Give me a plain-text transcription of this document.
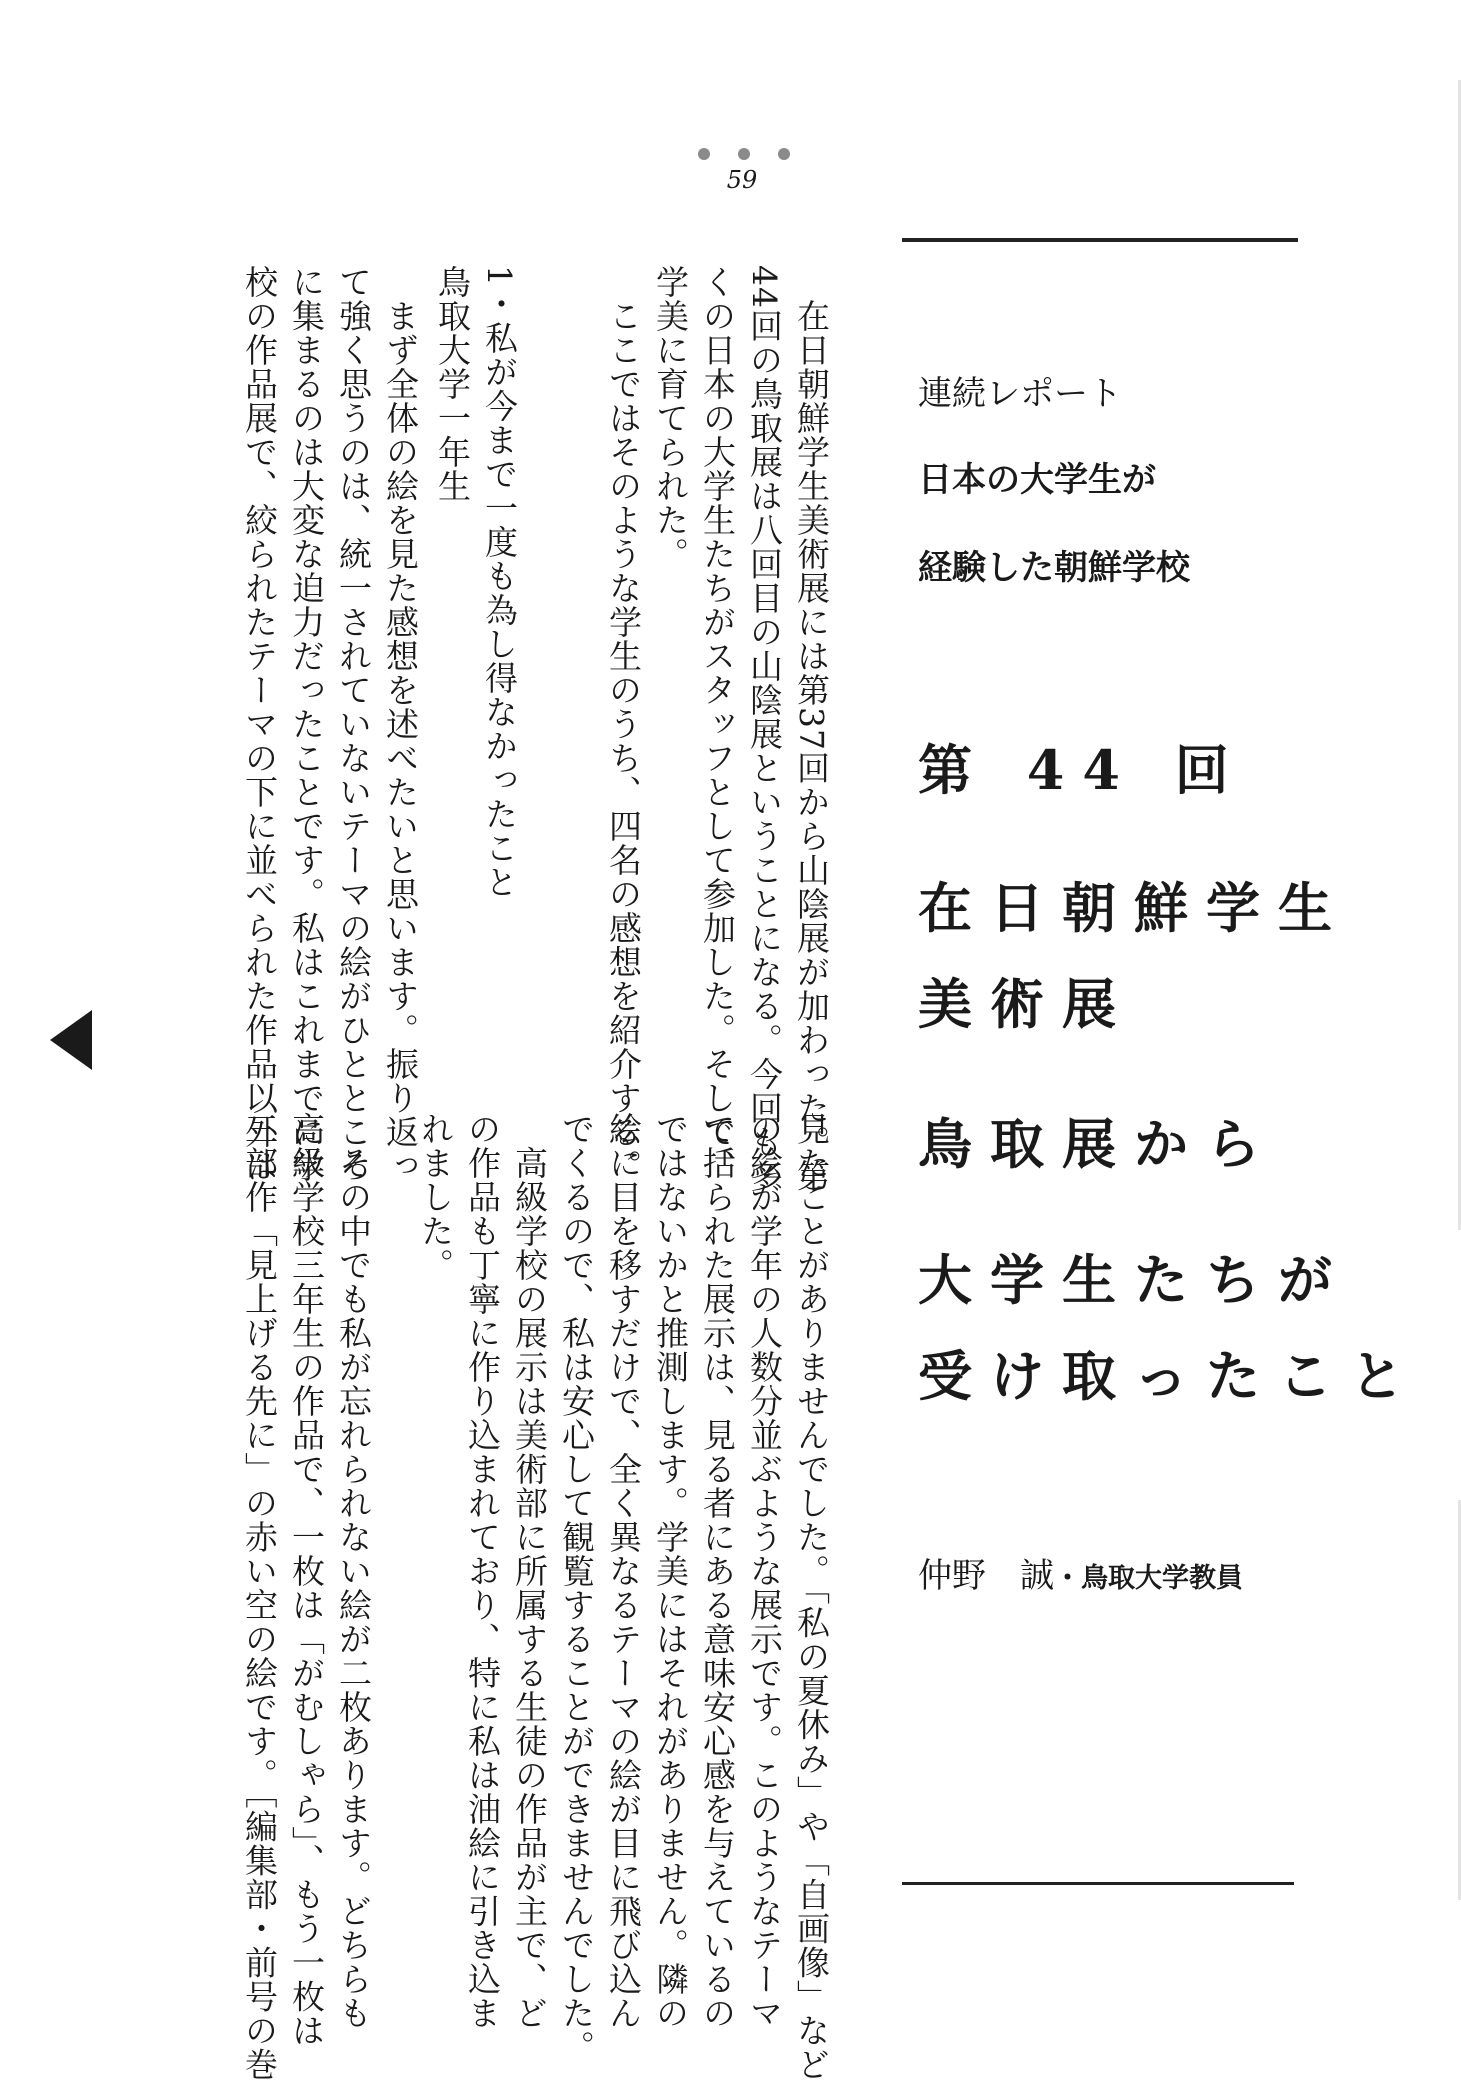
59
連続レポート
日本の大学生が
経験した朝鮮学校
第 44 回
在日朝鮮学生
美術展
鳥取展から
大学生たちが
受け取ったこと
仲野　誠・鳥取大学教員
　在日朝鮮学生美術展には第37回から山陰展が加わった。第
44回の鳥取展は八回目の山陰展ということになる。今回も多
くの日本の大学生たちがスタッフとして参加した。そして、
学美に育てられた。
　ここではそのような学生のうち、四名の感想を紹介する。
1・私が今まで一度も為し得なかったこと
鳥取大学一年生
　まず全体の絵を見た感想を述べたいと思います。振り返っ
て強く思うのは、統一されていないテーマの絵がひとところ
に集まるのは大変な迫力だったことです。私はこれまでに学
校の作品展で、絞られたテーマの下に並べられた作品以外は
見たことがありませんでした。「私の夏休み」や「自画像」など
の絵が学年の人数分並ぶような展示です。このようなテーマ
で括られた展示は、見る者にある意味安心感を与えているの
ではないかと推測します。学美にはそれがありません。隣の
絵に目を移すだけで、全く異なるテーマの絵が目に飛び込ん
でくるので、私は安心して観覧することができませんでした。
　高級学校の展示は美術部に所属する生徒の作品が主で、ど
の作品も丁寧に作り込まれており、特に私は油絵に引き込ま
れました。
　その中でも私が忘れられない絵が二枚あります。どちらも
高級学校三年生の作品で、一枚は「がむしゃら」、もう一枚は
三部作「見上げる先に」の赤い空の絵です。［編集部・前号の巻
